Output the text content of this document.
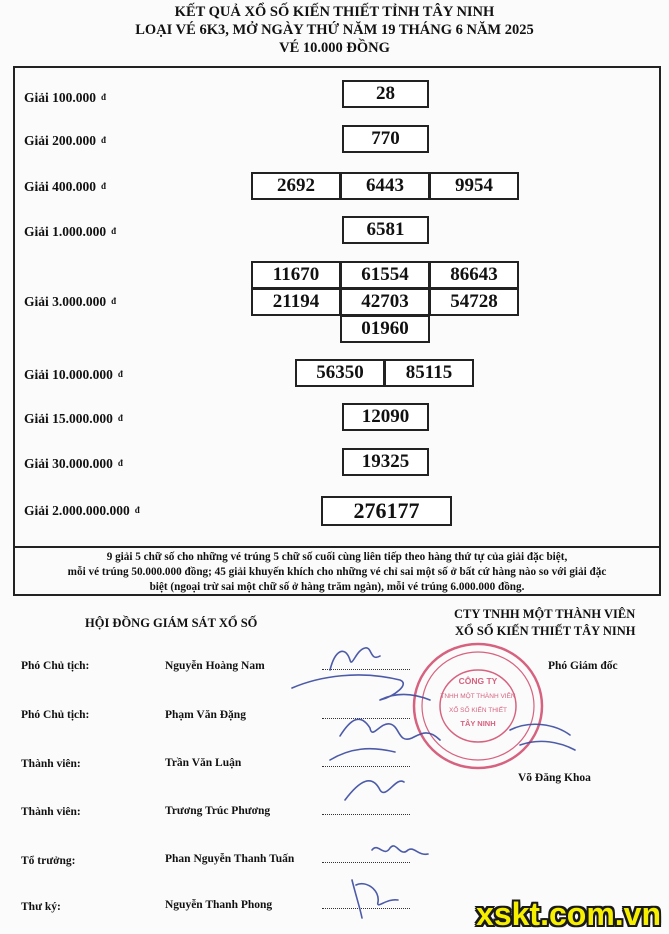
KẾT QUẢ XỔ SỐ KIẾN THIẾT TỈNH TÂY NINH
LOẠI VÉ 6K3, MỞ NGÀY THỨ NĂM 19 THÁNG 6 NĂM 2025
VÉ 10.000 ĐỒNG
Giải 100.000 đ	28
Giải 200.000 đ	770
Giải 400.000 đ	2692	6443	9954
Giải 1.000.000 đ	6581
Giải 3.000.000 đ
11670	61554	86643
21194	42703	54728
01960
Giải 10.000.000 đ	56350	85115
Giải 15.000.000 đ	12090
Giải 30.000.000 đ	19325
Giải 2.000.000.000 đ	276177
9 giải 5 chữ số cho những vé trúng 5 chữ số cuối cùng liên tiếp theo hàng thứ tự của giải đặc biệt,
mỗi vé trúng 50.000.000 đồng; 45 giải khuyến khích cho những vé chỉ sai một số ở bất cứ hàng nào so với giải đặc
biệt (ngoại trừ sai một chữ số ở hàng trăm ngàn), mỗi vé trúng 6.000.000 đồng.
HỘI ĐỒNG GIÁM SÁT XỔ SỐ
CTY TNHH MỘT THÀNH VIÊN
XỔ SỐ KIẾN THIẾT TÂY NINH
Phó Chủ tịch:	Nguyễn Hoàng Nam
Phó Chủ tịch:	Phạm Văn Đặng
Thành viên:	Trần Văn Luận
Thành viên:	Trương Trúc Phương
Tổ trưởng:	Phan Nguyễn Thanh Tuấn
Thư ký:	Nguyễn Thanh Phong
Phó Giám đốc
Võ Đăng Khoa
CÔNG TY
TNHH MỘT THÀNH VIÊN
XỔ SỐ KIẾN THIẾT
TÂY NINH
xskt.com.vn
